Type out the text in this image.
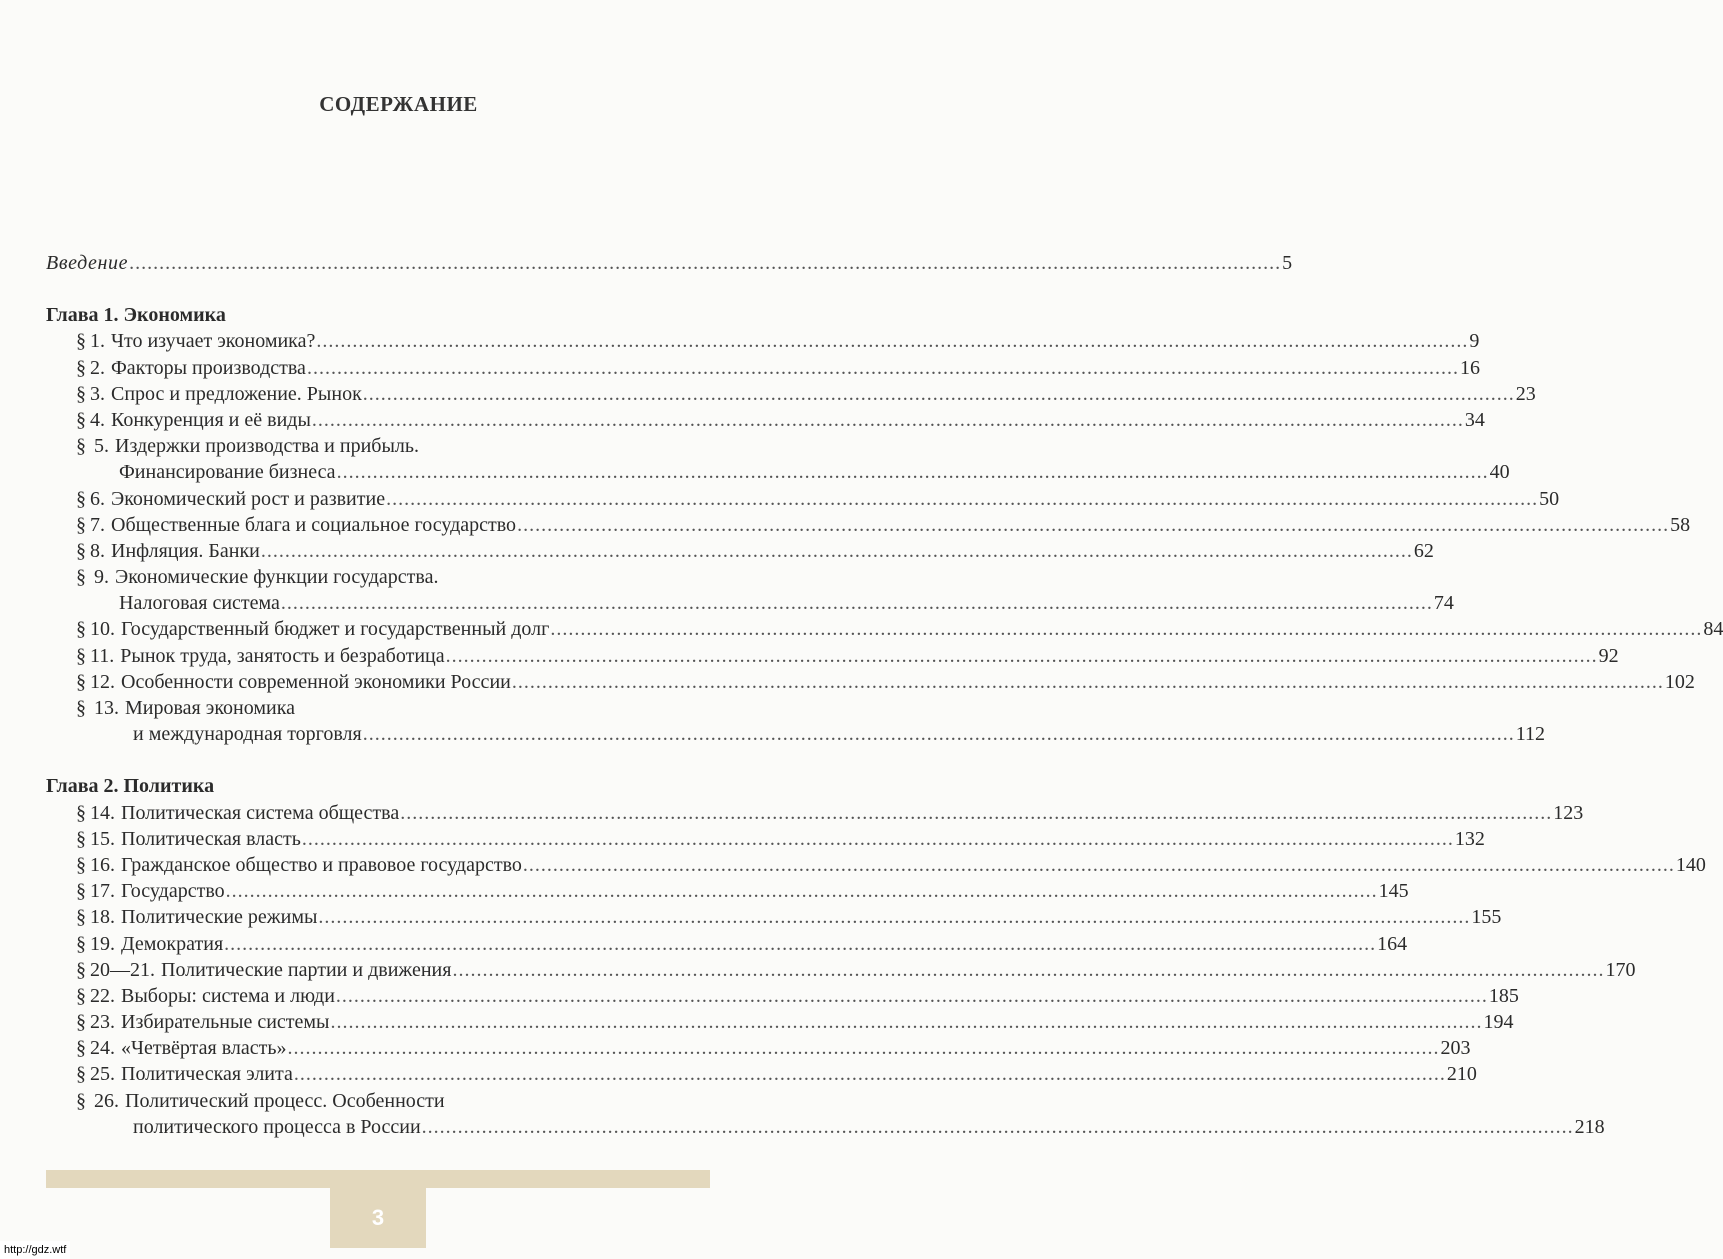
СОДЕРЖАНИЕ
Введение .....	5
Глава 1. Экономика
§ 1. Что изучает экономика? .....	9
§ 2. Факторы производства .....	16
§ 3. Спрос и предложение. Рынок .....	23
§ 4. Конкуренция и её виды .....	34
§ 5. Издержки производства и прибыль.
Финансирование бизнеса .....	40
§ 6. Экономический рост и развитие .....	50
§ 7. Общественные блага и социальное государство .....	58
§ 8. Инфляция. Банки .....	62
§ 9. Экономические функции государства.
Налоговая система .....	74
§ 10. Государственный бюджет и государственный долг .....	84
§ 11. Рынок труда, занятость и безработица .....	92
§ 12. Особенности современной экономики России .....	102
§ 13. Мировая экономика
и международная торговля .....	112
Глава 2. Политика
§ 14. Политическая система общества .....	123
§ 15. Политическая власть .....	132
§ 16. Гражданское общество и правовое государство .....	140
§ 17. Государство .....	145
§ 18. Политические режимы .....	155
§ 19. Демократия .....	164
§ 20—21. Политические партии и движения .....	170
§ 22. Выборы: система и люди .....	185
§ 23. Избирательные системы .....	194
§ 24. «Четвёртая власть» .....	203
§ 25. Политическая элита .....	210
§ 26. Политический процесс. Особенности
политического процесса в России .....	218
3
http://gdz.wtf
